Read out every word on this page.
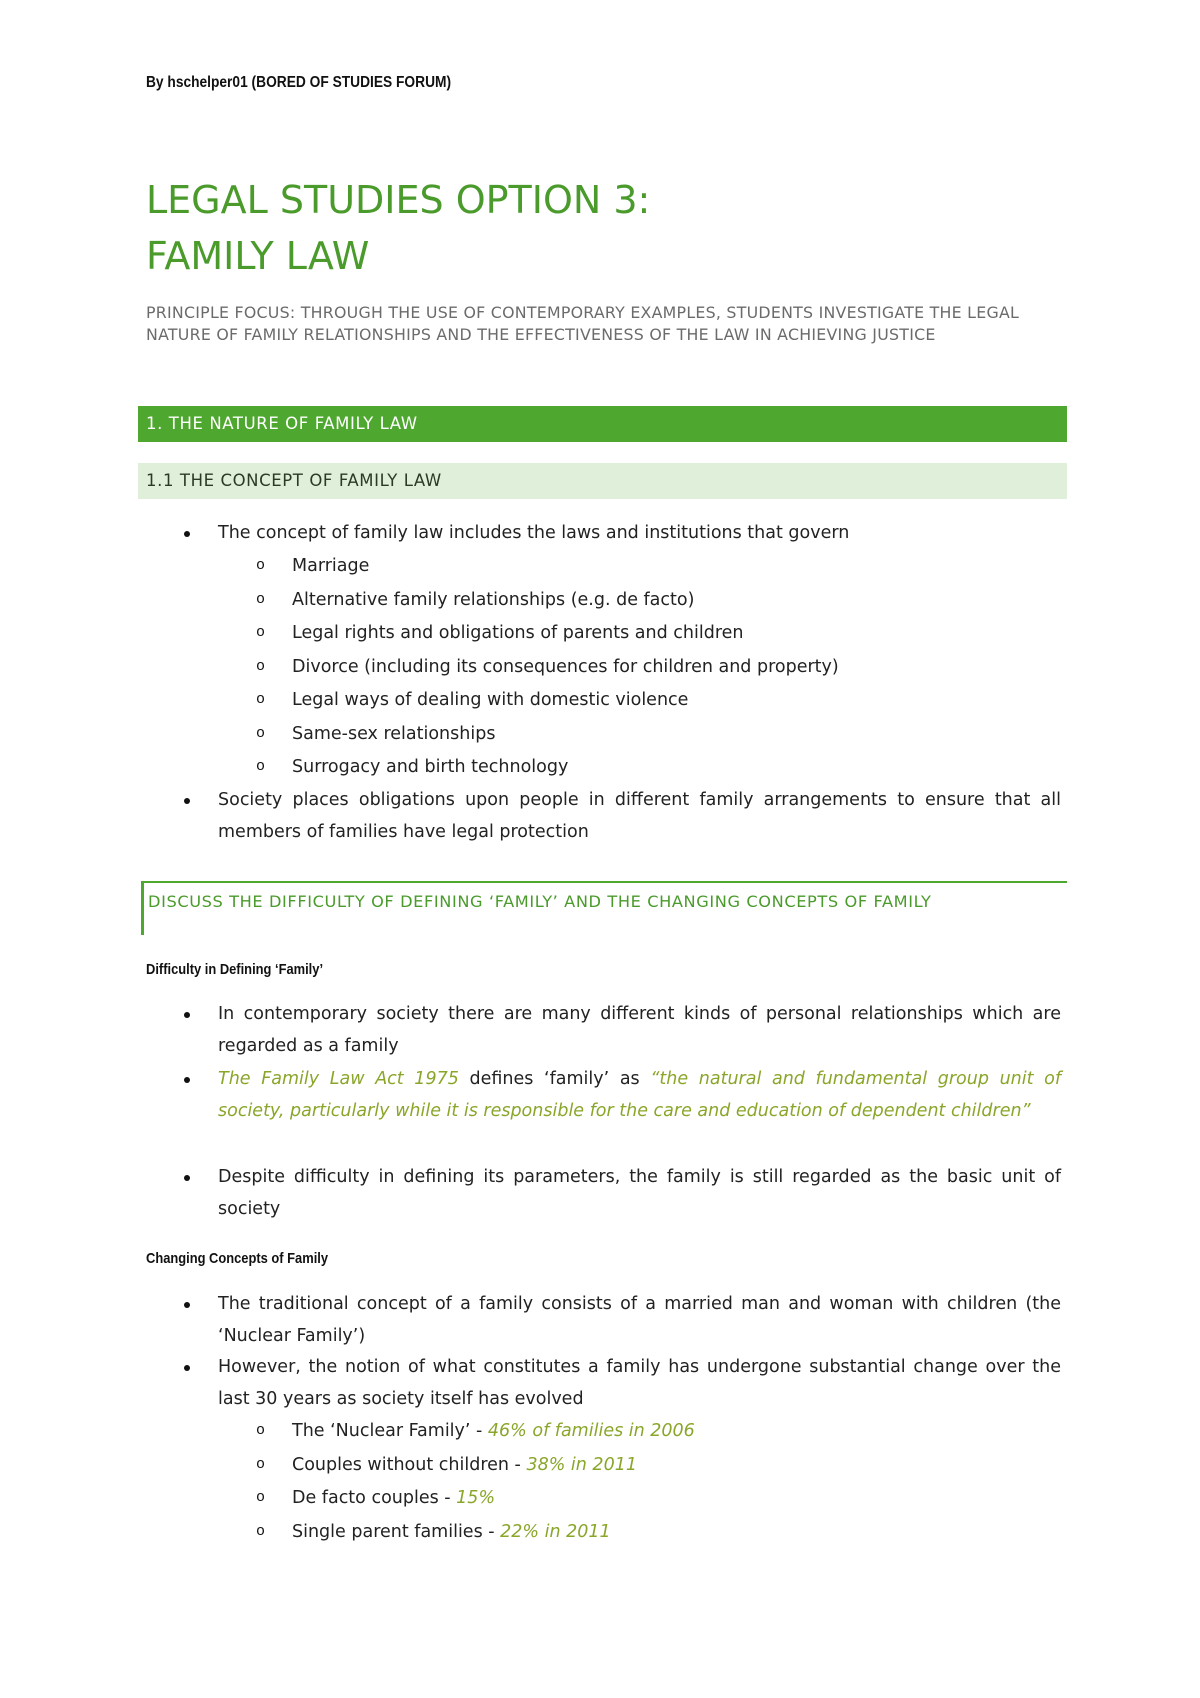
By hschelper01 (BORED OF STUDIES FORUM)
LEGAL STUDIES OPTION 3:
FAMILY LAW
PRINCIPLE FOCUS: THROUGH THE USE OF CONTEMPORARY EXAMPLES, STUDENTS INVESTIGATE THE LEGAL NATURE OF FAMILY RELATIONSHIPS AND THE EFFECTIVENESS OF THE LAW IN ACHIEVING JUSTICE
1. THE NATURE OF FAMILY LAW
1.1 THE CONCEPT OF FAMILY LAW
The concept of family law includes the laws and institutions that govern
o Marriage
o Alternative family relationships (e.g. de facto)
o Legal rights and obligations of parents and children
o Divorce (including its consequences for children and property)
o Legal ways of dealing with domestic violence
o Same-sex relationships
o Surrogacy and birth technology
Society places obligations upon people in different family arrangements to ensure that all members of families have legal protection
DISCUSS THE DIFFICULTY OF DEFINING ‘FAMILY’ AND THE CHANGING CONCEPTS OF FAMILY
Difficulty in Defining ‘Family’
In contemporary society there are many different kinds of personal relationships which are regarded as a family
The Family Law Act 1975 defines ‘family’ as “the natural and fundamental group unit of society, particularly while it is responsible for the care and education of dependent children”
Despite difficulty in defining its parameters, the family is still regarded as the basic unit of society
Changing Concepts of Family
The traditional concept of a family consists of a married man and woman with children (the ‘Nuclear Family’)
However, the notion of what constitutes a family has undergone substantial change over the last 30 years as society itself has evolved
o The ‘Nuclear Family’ - 46% of families in 2006
o Couples without children - 38% in 2011
o De facto couples - 15%
o Single parent families - 22% in 2011
